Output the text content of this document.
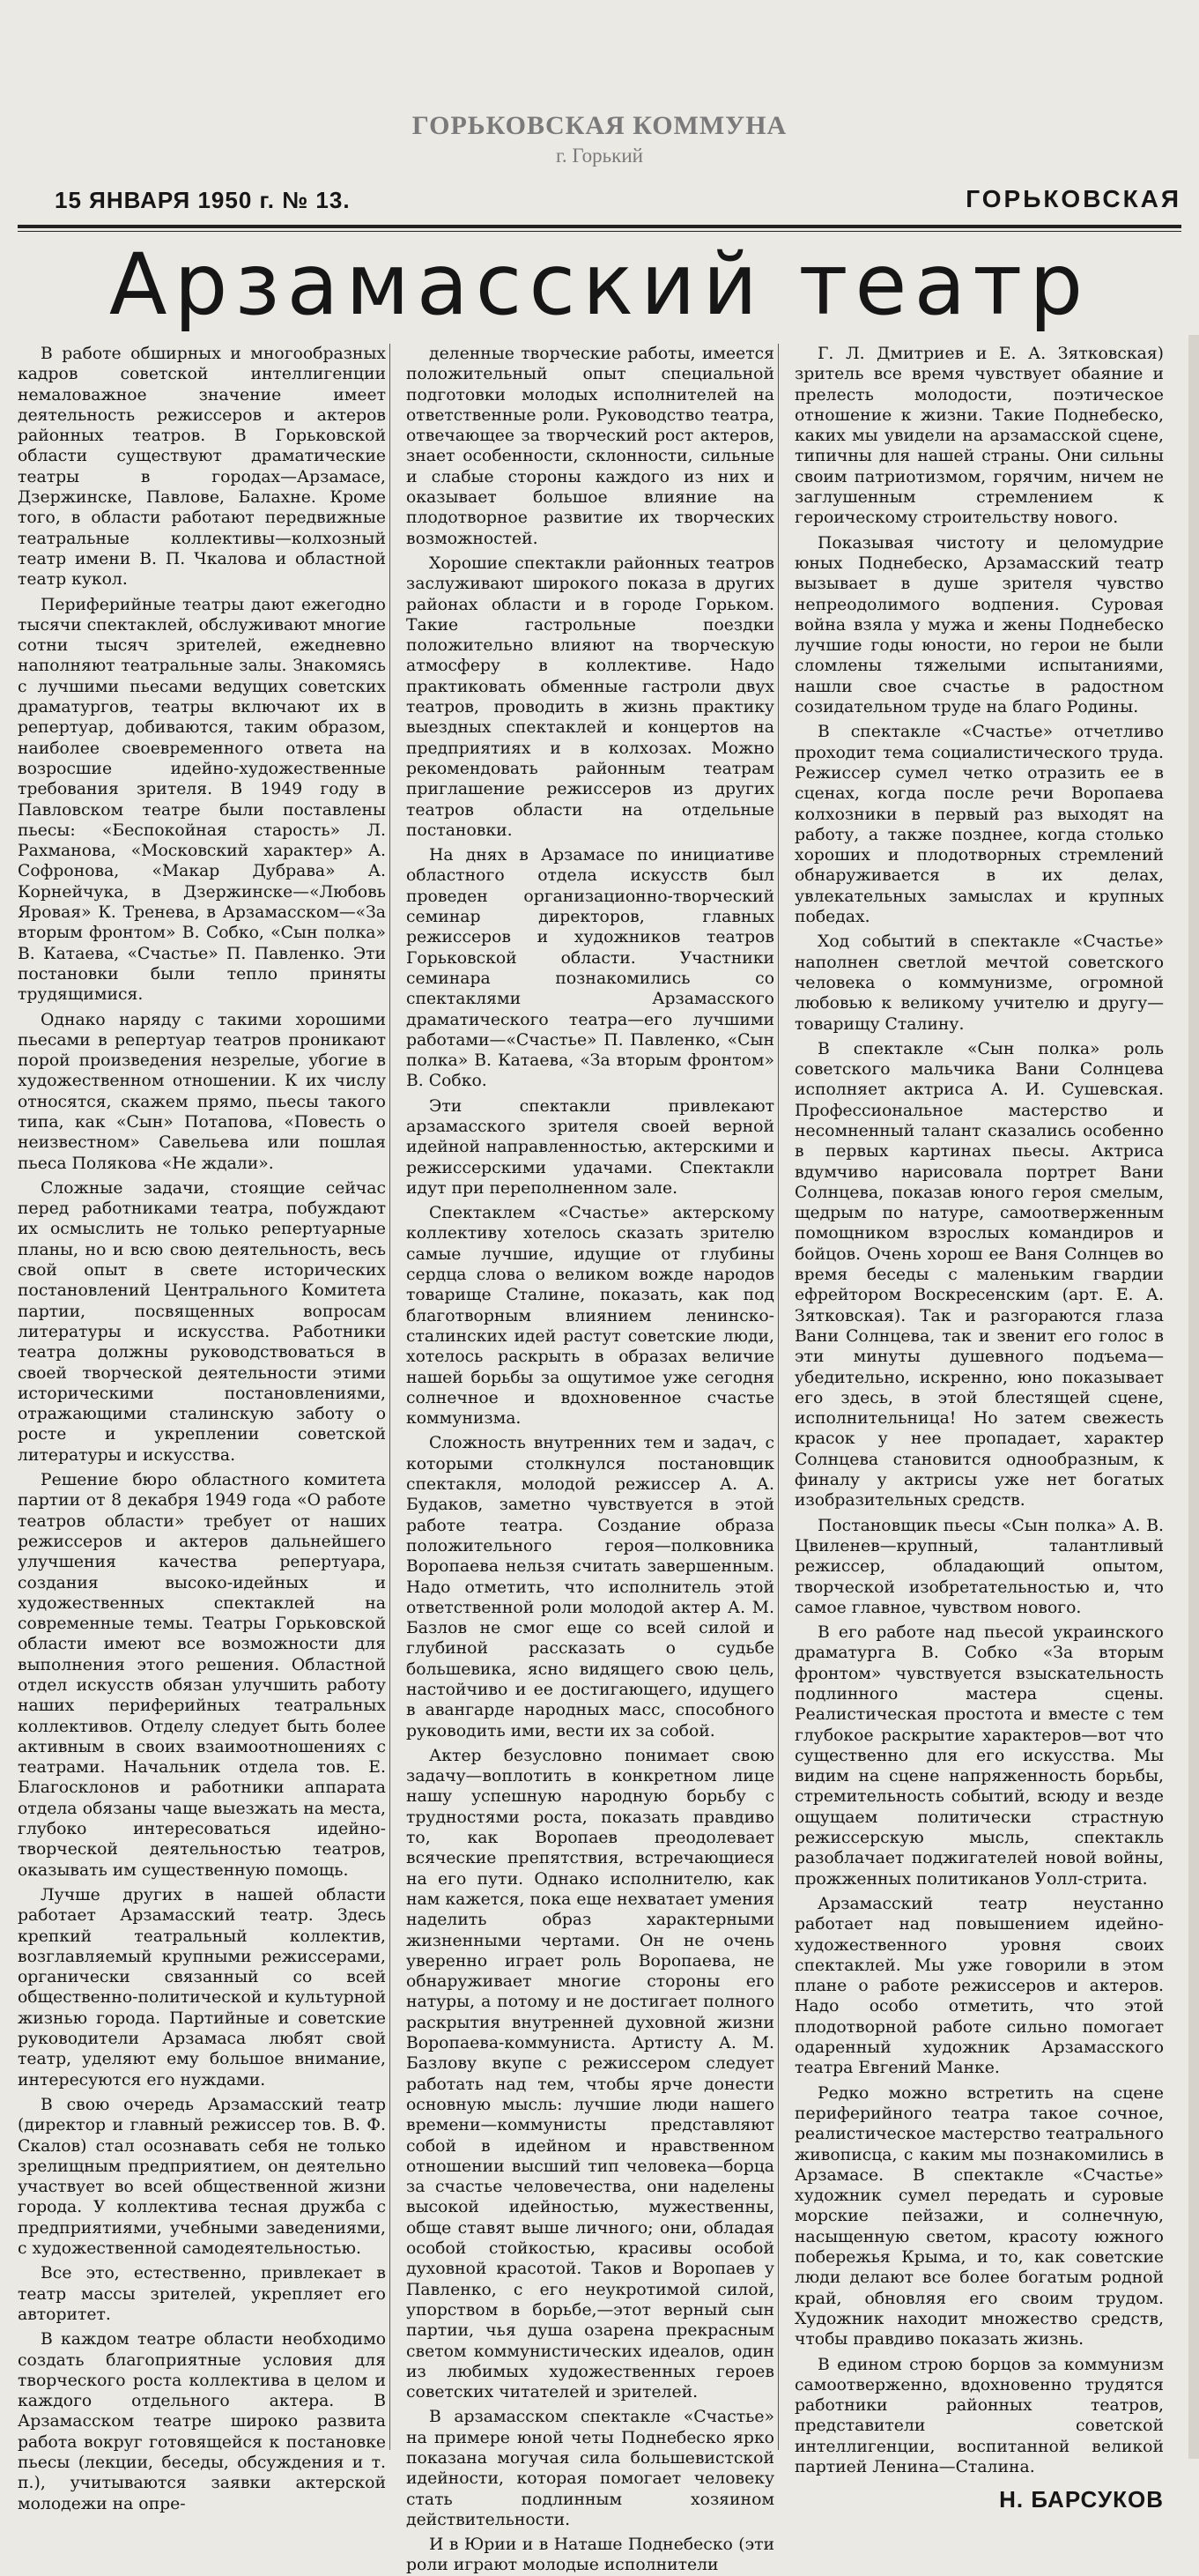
ГОРЬКОВСКАЯ КОММУНА
г. Горький
15 ЯНВАРЯ 1950 г. № 13.	ГОРЬКОВСКАЯ
Арзамасский театр

В работе обширных и многообразных кадров советской интеллигенции немаловажное значение имеет деятельность режиссеров и актеров районных театров. В Горьковской области существуют драматические театры в городах—Арзамасе, Дзержинске, Павлове, Балахне. Кроме того, в области работают передвижные театральные коллективы—колхозный театр имени В. П. Чкалова и областной театр кукол.

Периферийные театры дают ежегодно тысячи спектаклей, обслуживают многие сотни тысяч зрителей, ежедневно наполняют театральные залы. Знакомясь с лучшими пьесами ведущих советских драматургов, театры включают их в репертуар, добиваются, таким образом, наиболее своевременного ответа на возросшие идейно-художественные требования зрителя. В 1949 году в Павловском театре были поставлены пьесы: «Беспокойная старость» Л. Рахманова, «Московский характер» А. Софронова, «Макар Дубрава» А. Корнейчука, в Дзержинске—«Любовь Яровая» К. Тренева, в Арзамасском—«За вторым фронтом» В. Собко, «Сын полка» В. Катаева, «Счастье» П. Павленко. Эти постановки были тепло приняты трудящимися.

Однако наряду с такими хорошими пьесами в репертуар театров проникают порой произведения незрелые, убогие в художественном отношении. К их числу относятся, скажем прямо, пьесы такого типа, как «Сын» Потапова, «Повесть о неизвестном» Савельева или пошлая пьеса Полякова «Не ждали».

Сложные задачи, стоящие сейчас перед работниками театра, побуждают их осмыслить не только репертуарные планы, но и всю свою деятельность, весь свой опыт в свете исторических постановлений Центрального Комитета партии, посвященных вопросам литературы и искусства. Работники театра должны руководствоваться в своей творческой деятельности этими историческими постановлениями, отражающими сталинскую заботу о росте и укреплении советской литературы и искусства.

Решение бюро областного комитета партии от 8 декабря 1949 года «О работе театров области» требует от наших режиссеров и актеров дальнейшего улучшения качества репертуара, создания высоко-идейных и художественных спектаклей на современные темы. Театры Горьковской области имеют все возможности для выполнения этого решения. Областной отдел искусств обязан улучшить работу наших периферийных театральных коллективов. Отделу следует быть более активным в своих взаимоотношениях с театрами. Начальник отдела тов. Е. Благосклонов и работники аппарата отдела обязаны чаще выезжать на места, глубоко интересоваться идейно-творческой деятельностью театров, оказывать им существенную помощь.

Лучше других в нашей области работает Арзамасский театр. Здесь крепкий театральный коллектив, возглавляемый крупными режиссерами, органически связанный со всей общественно-политической и культурной жизнью города. Партийные и советские руководители Арзамаса любят свой театр, уделяют ему большое внимание, интересуются его нуждами.

В свою очередь Арзамасский театр (директор и главный режиссер тов. В. Ф. Скалов) стал осознавать себя не только зрелищным предприятием, он деятельно участвует во всей общественной жизни города. У коллектива тесная дружба с предприятиями, учебными заведениями, с художественной самодеятельностью.

Все это, естественно, привлекает в театр массы зрителей, укрепляет его авторитет.

В каждом театре области необходимо создать благоприятные условия для творческого роста коллектива в целом и каждого отдельного актера. В Арзамасском театре широко развита работа вокруг готовящейся к постановке пьесы (лекции, беседы, обсуждения и т. п.), учитываются заявки актерской молодежи на опре-

деленные творческие работы, имеется положительный опыт специальной подготовки молодых исполнителей на ответственные роли. Руководство театра, отвечающее за творческий рост актеров, знает особенности, склонности, сильные и слабые стороны каждого из них и оказывает большое влияние на плодотворное развитие их творческих возможностей.

Хорошие спектакли районных театров заслуживают широкого показа в других районах области и в городе Горьком. Такие гастрольные поездки положительно влияют на творческую атмосферу в коллективе. Надо практиковать обменные гастроли двух театров, проводить в жизнь практику выездных спектаклей и концертов на предприятиях и в колхозах. Можно рекомендовать районным театрам приглашение режиссеров из других театров области на отдельные постановки.

На днях в Арзамасе по инициативе областного отдела искусств был проведен организационно-творческий семинар директоров, главных режиссеров и художников театров Горьковской области. Участники семинара познакомились со спектаклями Арзамасского драматического театра—его лучшими работами—«Счастье» П. Павленко, «Сын полка» В. Катаева, «За вторым фронтом» В. Собко.

Эти спектакли привлекают арзамасского зрителя своей верной идейной направленностью, актерскими и режиссерскими удачами. Спектакли идут при переполненном зале.

Спектаклем «Счастье» актерскому коллективу хотелось сказать зрителю самые лучшие, идущие от глубины сердца слова о великом вожде народов товарище Сталине, показать, как под благотворным влиянием ленинско-сталинских идей растут советские люди, хотелось раскрыть в образах величие нашей борьбы за ощутимое уже сегодня солнечное и вдохновенное счастье коммунизма.

Сложность внутренних тем и задач, с которыми столкнулся постановщик спектакля, молодой режиссер А. А. Будаков, заметно чувствуется в этой работе театра. Создание образа положительного героя—полковника Воропаева нельзя считать завершенным. Надо отметить, что исполнитель этой ответственной роли молодой актер А. М. Базлов не смог еще со всей силой и глубиной рассказать о судьбе большевика, ясно видящего свою цель, настойчиво и ее достигающего, идущего в авангарде народных масс, способного руководить ими, вести их за собой.

Актер безусловно понимает свою задачу—воплотить в конкретном лице нашу успешную народную борьбу с трудностями роста, показать правдиво то, как Воропаев преодолевает всяческие препятствия, встречающиеся на его пути. Однако исполнителю, как нам кажется, пока еще нехватает умения наделить образ характерными жизненными чертами. Он не очень уверенно играет роль Воропаева, не обнаруживает многие стороны его натуры, а потому и не достигает полного раскрытия внутренней духовной жизни Воропаева-коммуниста. Артисту А. М. Базлову вкупе с режиссером следует работать над тем, чтобы ярче донести основную мысль: лучшие люди нашего времени—коммунисты представляют собой в идейном и нравственном отношении высший тип человека—борца за счастье человечества, они наделены высокой идейностью, мужественны, обще ставят выше личного; они, обладая особой стойкостью, красивы особой духовной красотой. Таков и Воропаев у Павленко, с его неукротимой силой, упорством в борьбе,—этот верный сын партии, чья душа озарена прекрасным светом коммунистических идеалов, один из любимых художественных героев советских читателей и зрителей.

В арзамасском спектакле «Счастье» на примере юной четы Поднебеско ярко показана могучая сила большевистской идейности, которая помогает человеку стать подлинным хозяином действительности.

И в Юрии и в Наташе Поднебеско (эти роли играют молодые исполнители

Г. Л. Дмитриев и Е. А. Зятковская) зритель все время чувствует обаяние и прелесть молодости, поэтическое отношение к жизни. Такие Поднебеско, каких мы увидели на арзамасской сцене, типичны для нашей страны. Они сильны своим патриотизмом, горячим, ничем не заглушенным стремлением к героическому строительству нового.

Показывая чистоту и целомудрие юных Поднебеско, Арзамасский театр вызывает в душе зрителя чувство непреодолимого водпения. Суровая война взяла у мужа и жены Поднебеско лучшие годы юности, но герои не были сломлены тяжелыми испытаниями, нашли свое счастье в радостном созидательном труде на благо Родины.

В спектакле «Счастье» отчетливо проходит тема социалистического труда. Режиссер сумел четко отразить ее в сценах, когда после речи Воропаева колхозники в первый раз выходят на работу, а также позднее, когда столько хороших и плодотворных стремлений обнаруживается в их делах, увлекательных замыслах и крупных победах.

Ход событий в спектакле «Счастье» наполнен светлой мечтой советского человека о коммунизме, огромной любовью к великому учителю и другу—товарищу Сталину.

В спектакле «Сын полка» роль советского мальчика Вани Солнцева исполняет актриса А. И. Сушевская. Профессиональное мастерство и несомненный талант сказались особенно в первых картинах пьесы. Актриса вдумчиво нарисовала портрет Вани Солнцева, показав юного героя смелым, щедрым по натуре, самоотверженным помощником взрослых командиров и бойцов. Очень хорош ее Ваня Солнцев во время беседы с маленьким гвардии ефрейтором Воскресенским (арт. Е. А. Зятковская). Так и разгораются глаза Вани Солнцева, так и звенит его голос в эти минуты душевного подъема—убедительно, искренно, юно показывает его здесь, в этой блестящей сцене, исполнительница! Но затем свежесть красок у нее пропадает, характер Солнцева становится однообразным, к финалу у актрисы уже нет богатых изобразительных средств.

Постановщик пьесы «Сын полка» А. В. Цвиленев—крупный, талантливый режиссер, обладающий опытом, творческой изобретательностью и, что самое главное, чувством нового.

В его работе над пьесой украинского драматурга В. Собко «За вторым фронтом» чувствуется взыскательность подлинного мастера сцены. Реалистическая простота и вместе с тем глубокое раскрытие характеров—вот что существенно для его искусства. Мы видим на сцене напряженность борьбы, стремительность событий, всюду и везде ощущаем политически страстную режиссерскую мысль, спектакль разоблачает поджигателей новой войны, прожженных политиканов Уолл-стрита.

Арзамасский театр неустанно работает над повышением идейно-художественного уровня своих спектаклей. Мы уже говорили в этом плане о работе режиссеров и актеров. Надо особо отметить, что этой плодотворной работе сильно помогает одаренный художник Арзамасского театра Евгений Манке.

Редко можно встретить на сцене периферийного театра такое сочное, реалистическое мастерство театрального живописца, с каким мы познакомились в Арзамасе. В спектакле «Счастье» художник сумел передать и суровые морские пейзажи, и солнечную, насыщенную светом, красоту южного побережья Крыма, и то, как советские люди делают все более богатым родной край, обновляя его своим трудом. Художник находит множество средств, чтобы правдиво показать жизнь.

В едином строю борцов за коммунизм самоотверженно, вдохновенно трудятся работники районных театров, представители советской интеллигенции, воспитанной великой партией Ленина—Сталина.

Н. БАРСУКОВ
